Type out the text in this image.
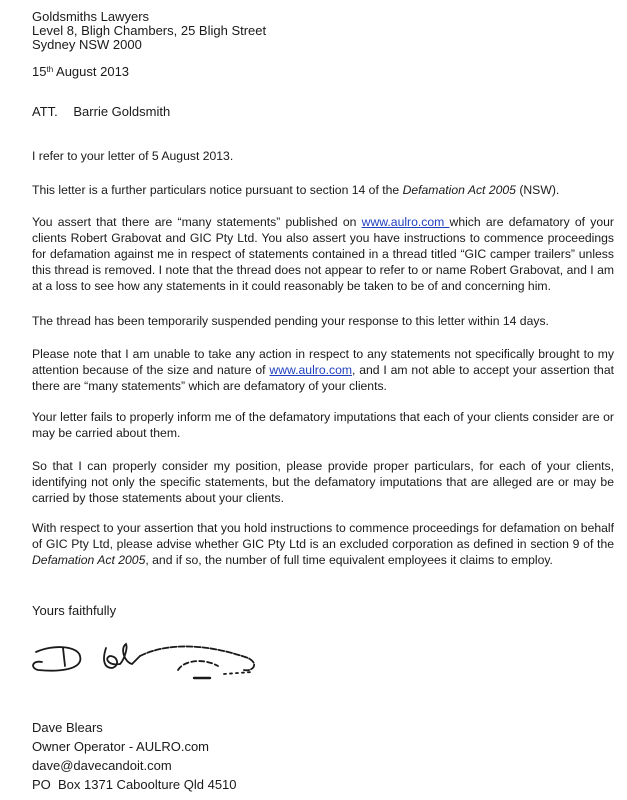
Goldsmiths Lawyers
Level 8, Bligh Chambers, 25 Bligh Street
Sydney NSW 2000
15th August 2013
ATT. Barrie Goldsmith
I refer to your letter of 5 August 2013.
This letter is a further particulars notice pursuant to section 14 of the Defamation Act 2005 (NSW).
You assert that there are “many statements” published on www.aulro.com which are defamatory of your clients Robert Grabovat and GIC Pty Ltd. You also assert you have instructions to commence proceedings for defamation against me in respect of statements contained in a thread titled “GIC camper trailers” unless this thread is removed. I note that the thread does not appear to refer to or name Robert Grabovat, and I am at a loss to see how any statements in it could reasonably be taken to be of and concerning him.
The thread has been temporarily suspended pending your response to this letter within 14 days.
Please note that I am unable to take any action in respect to any statements not specifically brought to my attention because of the size and nature of www.aulro.com, and I am not able to accept your assertion that there are “many statements” which are defamatory of your clients.
Your letter fails to properly inform me of the defamatory imputations that each of your clients consider are or may be carried about them.
So that I can properly consider my position, please provide proper particulars, for each of your clients, identifying not only the specific statements, but the defamatory imputations that are alleged are or may be carried by those statements about your clients.
With respect to your assertion that you hold instructions to commence proceedings for defamation on behalf of GIC Pty Ltd, please advise whether GIC Pty Ltd is an excluded corporation as defined in section 9 of the Defamation Act 2005, and if so, the number of full time equivalent employees it claims to employ.
Yours faithfully
Dave Blears
Owner Operator - AULRO.com
dave@davecandoit.com
PO  Box 1371 Caboolture Qld 4510
